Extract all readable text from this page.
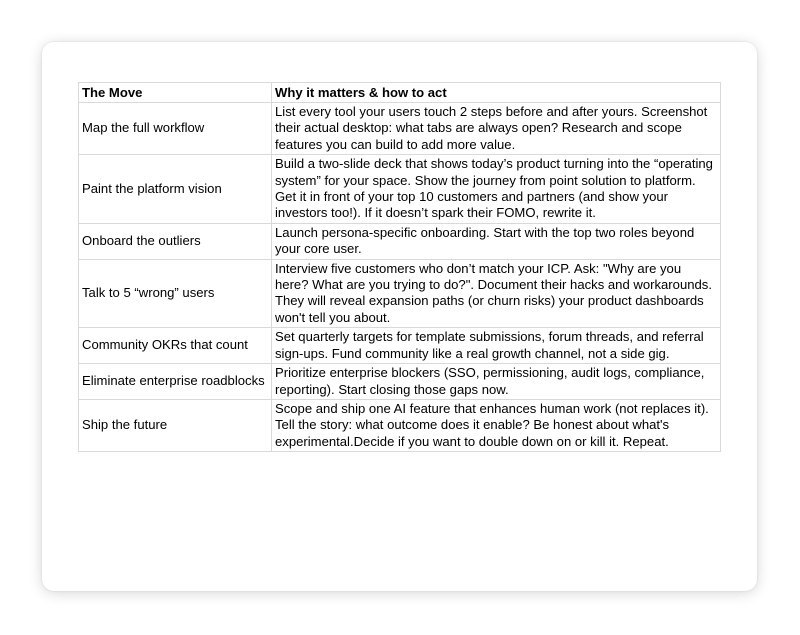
The Move	Why it matters & how to act
Map the full workflow	List every tool your users touch 2 steps before and after yours. Screenshot their actual desktop: what tabs are always open? Research and scope features you can build to add more value.
Paint the platform vision	Build a two-slide deck that shows today’s product turning into the “operating system” for your space. Show the journey from point solution to platform. Get it in front of your top 10 customers and partners (and show your investors too!). If it doesn’t spark their FOMO, rewrite it.
Onboard the outliers	Launch persona-specific onboarding. Start with the top two roles beyond your core user.
Talk to 5 “wrong” users	Interview five customers who don’t match your ICP. Ask: "Why are you here? What are you trying to do?". Document their hacks and workarounds. They will reveal expansion paths (or churn risks) your product dashboards won't tell you about.
Community OKRs that count	Set quarterly targets for template submissions, forum threads, and referral sign-ups. Fund community like a real growth channel, not a side gig.
Eliminate enterprise roadblocks	Prioritize enterprise blockers (SSO, permissioning, audit logs, compliance, reporting). Start closing those gaps now.
Ship the future	Scope and ship one AI feature that enhances human work (not replaces it). Tell the story: what outcome does it enable? Be honest about what's experimental.Decide if you want to double down on or kill it. Repeat.
